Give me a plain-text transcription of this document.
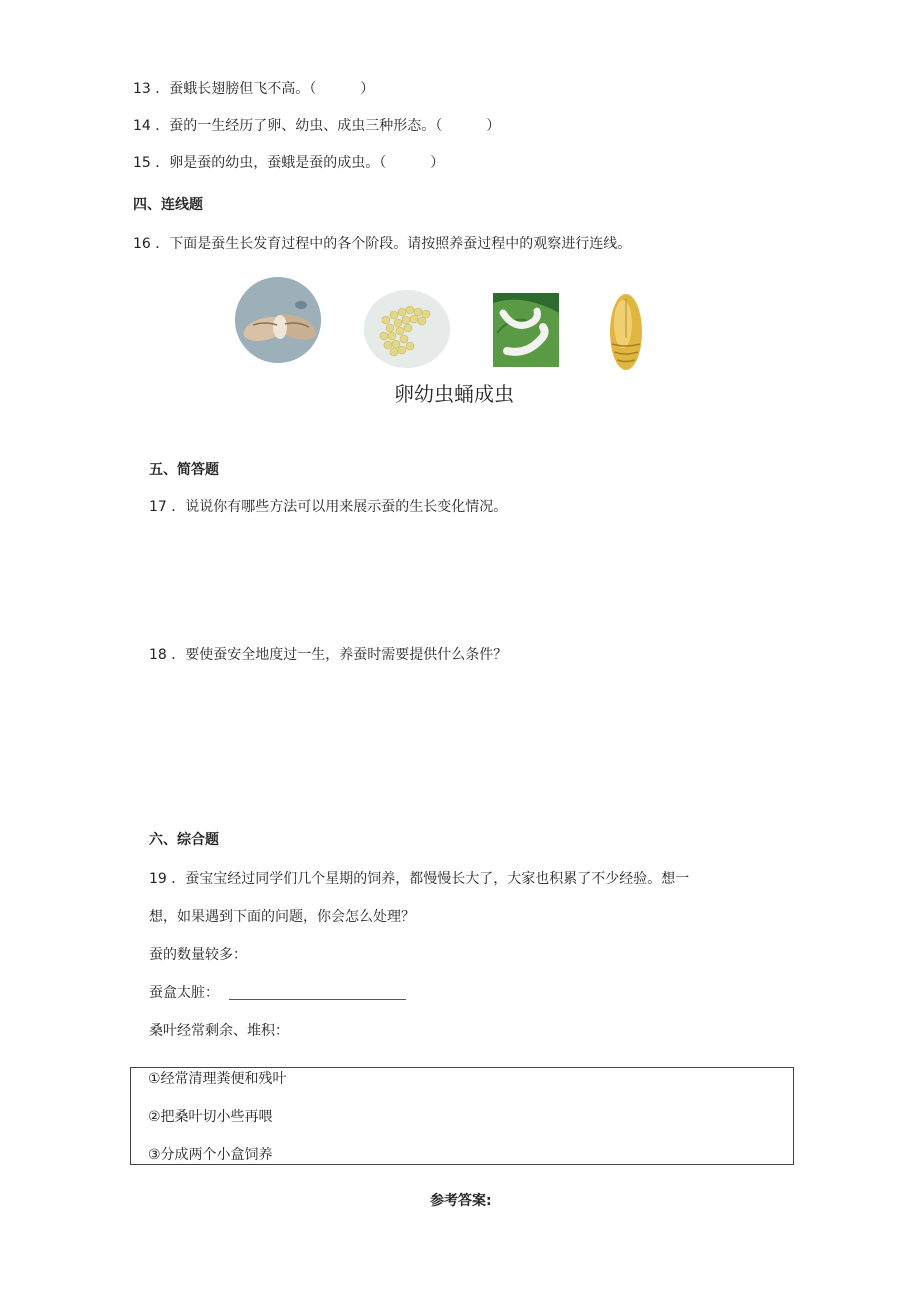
13 ．蚕蛾长翅膀但飞不高。（	）
14 ．蚕的一生经历了卵、幼虫、成虫三种形态。（	）
15 ．卵是蚕的幼虫，蚕蛾是蚕的成虫。（	）
四、连线题
16 ．下面是蚕生长发育过程中的各个阶段。请按照养蚕过程中的观察进行连线。
卵幼虫蛹成虫
五、简答题
17 ．说说你有哪些方法可以用来展示蚕的生长变化情况。
18 ．要使蚕安全地度过一生，养蚕时需要提供什么条件？
六、综合题
19 ．蚕宝宝经过同学们几个星期的饲养，都慢慢长大了，大家也积累了不少经验。想一
想，如果遇到下面的问题，你会怎么处理？
蚕的数量较多：
蚕盒太脏：
桑叶经常剩余、堆积：
①经常清理粪便和残叶
②把桑叶切小些再喂
③分成两个小盒饲养
参考答案:
